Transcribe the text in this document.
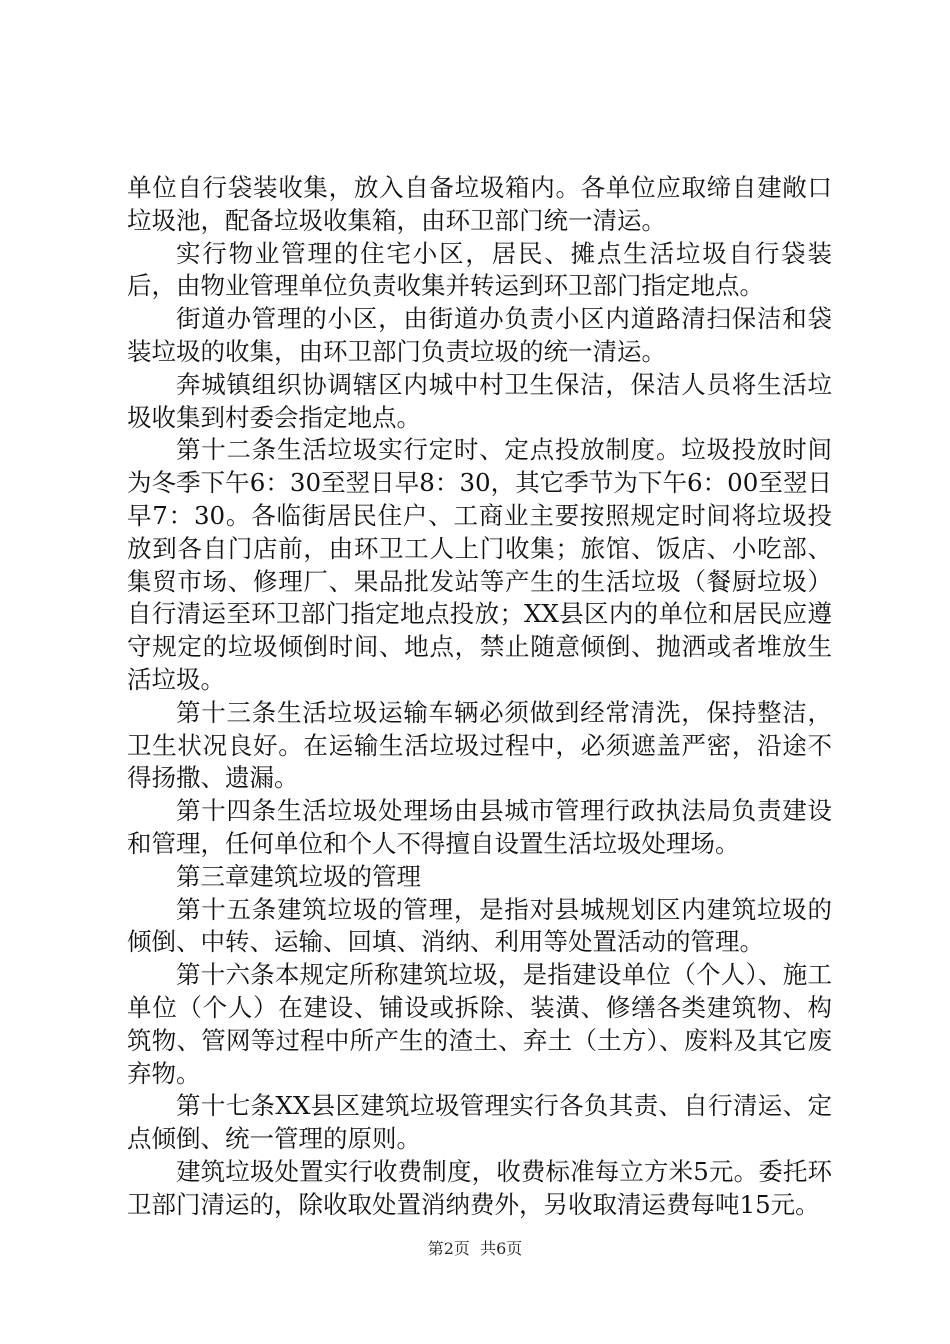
单位自行袋装收集，放入自备垃圾箱内。各单位应取缔自建敞口垃圾池，配备垃圾收集箱，由环卫部门统一清运。

实行物业管理的住宅小区，居民、摊点生活垃圾自行袋装后，由物业管理单位负责收集并转运到环卫部门指定地点。

街道办管理的小区，由街道办负责小区内道路清扫保洁和袋装垃圾的收集，由环卫部门负责垃圾的统一清运。

奔城镇组织协调辖区内城中村卫生保洁，保洁人员将生活垃圾收集到村委会指定地点。

第十二条生活垃圾实行定时、定点投放制度。垃圾投放时间为冬季下午6：30至翌日早8：30，其它季节为下午6：00至翌日早7：30。各临街居民住户、工商业主要按照规定时间将垃圾投放到各自门店前，由环卫工人上门收集；旅馆、饭店、小吃部、集贸市场、修理厂、果品批发站等产生的生活垃圾（餐厨垃圾）自行清运至环卫部门指定地点投放；XX县区内的单位和居民应遵守规定的垃圾倾倒时间、地点，禁止随意倾倒、抛洒或者堆放生活垃圾。

第十三条生活垃圾运输车辆必须做到经常清洗，保持整洁，卫生状况良好。在运输生活垃圾过程中，必须遮盖严密，沿途不得扬撒、遗漏。

第十四条生活垃圾处理场由县城市管理行政执法局负责建设和管理，任何单位和个人不得擅自设置生活垃圾处理场。

第三章建筑垃圾的管理

第十五条建筑垃圾的管理，是指对县城规划区内建筑垃圾的倾倒、中转、运输、回填、消纳、利用等处置活动的管理。

第十六条本规定所称建筑垃圾，是指建设单位（个人）、施工单位（个人）在建设、铺设或拆除、装潢、修缮各类建筑物、构筑物、管网等过程中所产生的渣土、弃土（土方）、废料及其它废弃物。

第十七条XX县区建筑垃圾管理实行各负其责、自行清运、定点倾倒、统一管理的原则。

建筑垃圾处置实行收费制度，收费标准每立方米5元。委托环卫部门清运的，除收取处置消纳费外，另收取清运费每吨15元。

第2页 共6页
